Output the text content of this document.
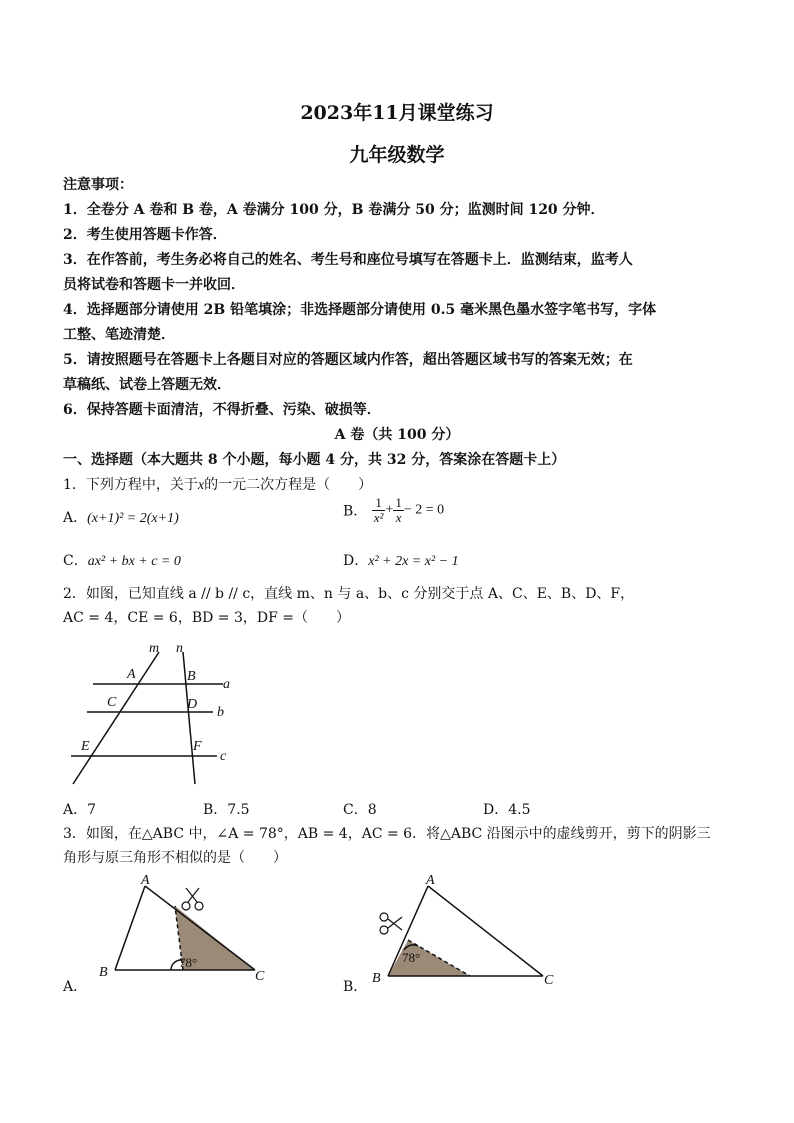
2023年11月课堂练习
九年级数学
注意事项：
1．全卷分 A 卷和 B 卷，A 卷满分 100 分，B 卷满分 50 分；监测时间 120 分钟．
2．考生使用答题卡作答．
3．在作答前，考生务必将自己的姓名、考生号和座位号填写在答题卡上．监测结束，监考人
员将试卷和答题卡一并收回．
4．选择题部分请使用 2B 铅笔填涂；非选择题部分请使用 0.5 毫米黑色墨水签字笔书写，字体
工整、笔迹清楚．
5．请按照题号在答题卡上各题目对应的答题区域内作答，超出答题区域书写的答案无效；在
草稿纸、试卷上答题无效．
6．保持答题卡面清洁，不得折叠、污染、破损等．
A 卷（共 100 分）
一、选择题（本大题共 8 个小题，每小题 4 分，共 32 分，答案涂在答题卡上）
1．下列方程中，关于x的一元二次方程是（　　）
A．(x+1)² = 2(x+1)	B． $\frac{1}{\text{x²}} + \frac{1}{x} - 2 = 0$
C．ax² + bx + c = 0	D．x² + 2x = x² − 1
2．如图，已知直线 a // b // c，直线 m、n 与 a、b、c 分别交于点 A、C、E、B、D、F，
AC = 4，CE = 6，BD = 3，DF =（　　）
m n
A	B
C	D
E	F
a
b
c
A．7	B．7.5	C．8	D．4.5
3．如图，在△ABC 中，∠A = 78°，AB = 4，AC = 6．将△ABC 沿图示中的虚线剪开，剪下的阴影三
角形与原三角形不相似的是（　　）
A
B	C
78°
A．
A
B	C
78°
B．
